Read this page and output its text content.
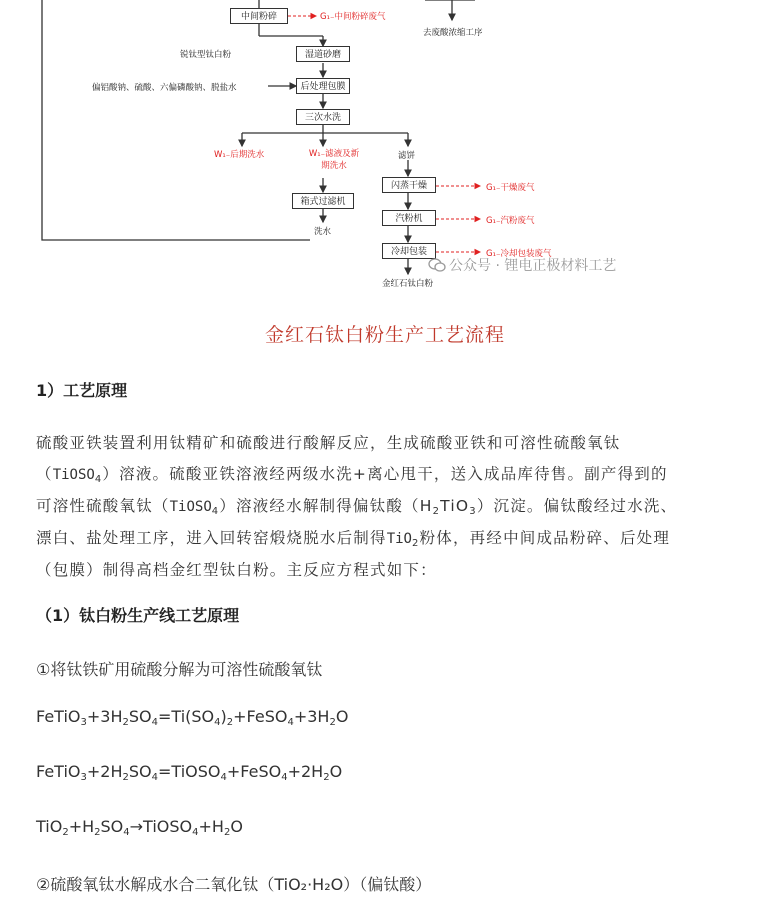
中间粉碎
湿道砂磨
后处理包膜
三次水洗
箱式过滤机
闪蒸干燥
汽粉机
冷却包装
锐钛型钛白粉
偏铝酸钠、硫酸、六偏磷酸钠、脱盐水
去废酸浓缩工序
滤饼
洗水
金红石钛白粉
G₁₋中间粉碎废气
W₁₋后期洗水	W₁₋滤液及新期洗水
G₁₋干燥废气
G₁₋汽粉废气
G₁₋冷却包装废气
公众号 · 锂电正极材料工艺
金红石钛白粉生产工艺流程
1）工艺原理

硫酸亚铁装置利用钛精矿和硫酸进行酸解反应，生成硫酸亚铁和可溶性硫酸氧钛
（TiOSO$_4$）溶液。硫酸亚铁溶液经两级水洗+离心甩干，送入成品库待售。副产得到的
可溶性硫酸氧钛（TiOSO$_4$）溶液经水解制得偏钛酸$(H_2TiO_3)$沉淀。偏钛酸经过水洗、
漂白、盐处理工序，进入回转窑煅烧脱水后制得TiO$_2$粉体，再经中间成品粉碎、后处理
（包膜）制得高档金红型钛白粉。主反应方程式如下：

（1）钛白粉生产线工艺原理
①将钛铁矿用硫酸分解为可溶性硫酸氧钛
$FeTiO_3+3H_2SO_4=Ti(SO_4)_2+FeSO_4+3H_2O$
$FeTiO_3+2H_2SO_4=TiOSO_4+FeSO_4+2H_2O$
$TiO_2+H_2SO_4\to TiOSO_4+H_2O$
②硫酸氧钛水解成水合二氧化钛（TiO₂·H₂O）（偏钛酸）
